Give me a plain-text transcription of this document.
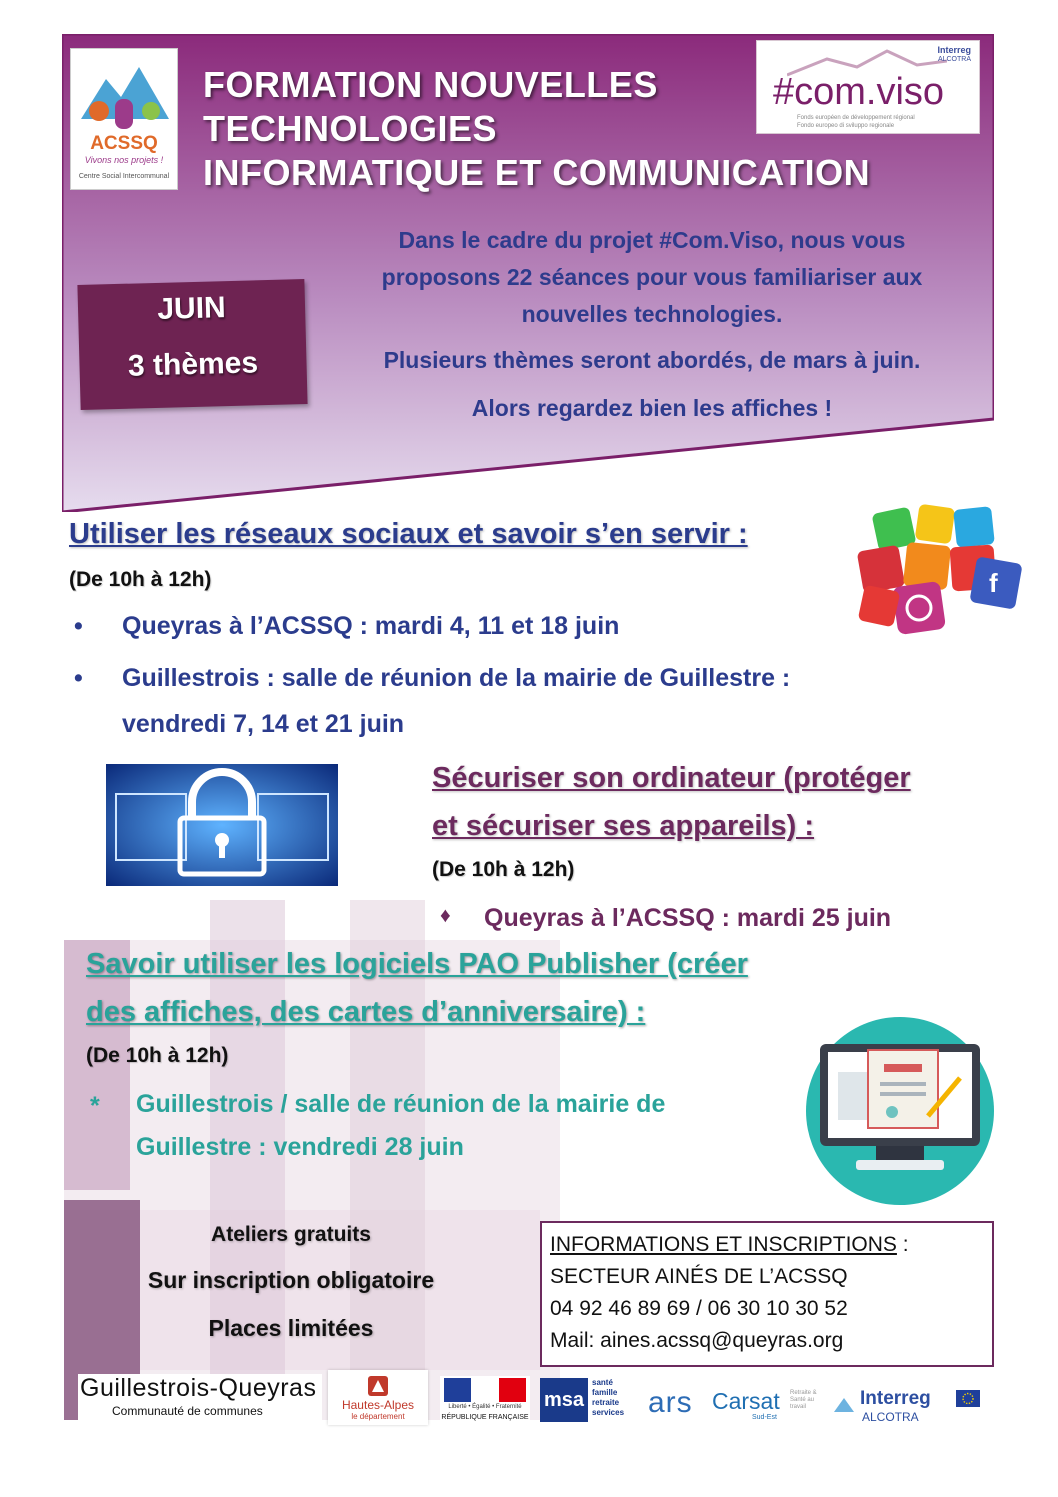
ACSSQ
Vivons nos projets !
Centre Social Intercommunal
FORMATION NOUVELLES
TECHNOLOGIES
INFORMATIQUE ET COMMUNICATION
Interreg
ALCOTRA
#com.viso
Fonds européen de développement régional
Fondo europeo di sviluppo regionale
Dans le cadre du projet #Com.Viso, nous vous
proposons 22 séances pour vous familiariser aux
nouvelles technologies.
Plusieurs thèmes seront abordés, de mars à juin.
Alors regardez bien les affiches !
JUIN
3 thèmes
Utiliser les réseaux sociaux et savoir s’en servir :
(De 10h à 12h)
• Queyras à l’ACSSQ : mardi 4, 11 et 18 juin
• Guillestrois : salle de réunion de la mairie de Guillestre :
vendredi 7, 14 et 21 juin
f
Sécuriser son ordinateur (protéger
et sécuriser ses appareils) :
(De 10h à 12h)
♦ Queyras à l’ACSSQ : mardi 25 juin
Savoir utiliser les logiciels PAO Publisher (créer
des affiches, des cartes d’anniversaire) :
(De 10h à 12h)
* Guillestrois / salle de réunion de la mairie de
Guillestre : vendredi 28 juin
Ateliers gratuits
Sur inscription obligatoire
Places limitées
INFORMATIONS ET INSCRIPTIONS :
SECTEUR AINÉS DE L’ACSSQ
04 92 46 89 69 / 06 30 10 30 52
Mail: aines.acssq@queyras.org
Guillestrois-Queyras
Communauté de communes	Hautes-Alpes
le département
Liberté • Égalité • Fraternité
RÉPUBLIQUE FRANÇAISE
msa
santé
famille
retraite
services ars Carsat
Sud-Est
Retraite & Santé au travail	Interreg
ALCOTRA
